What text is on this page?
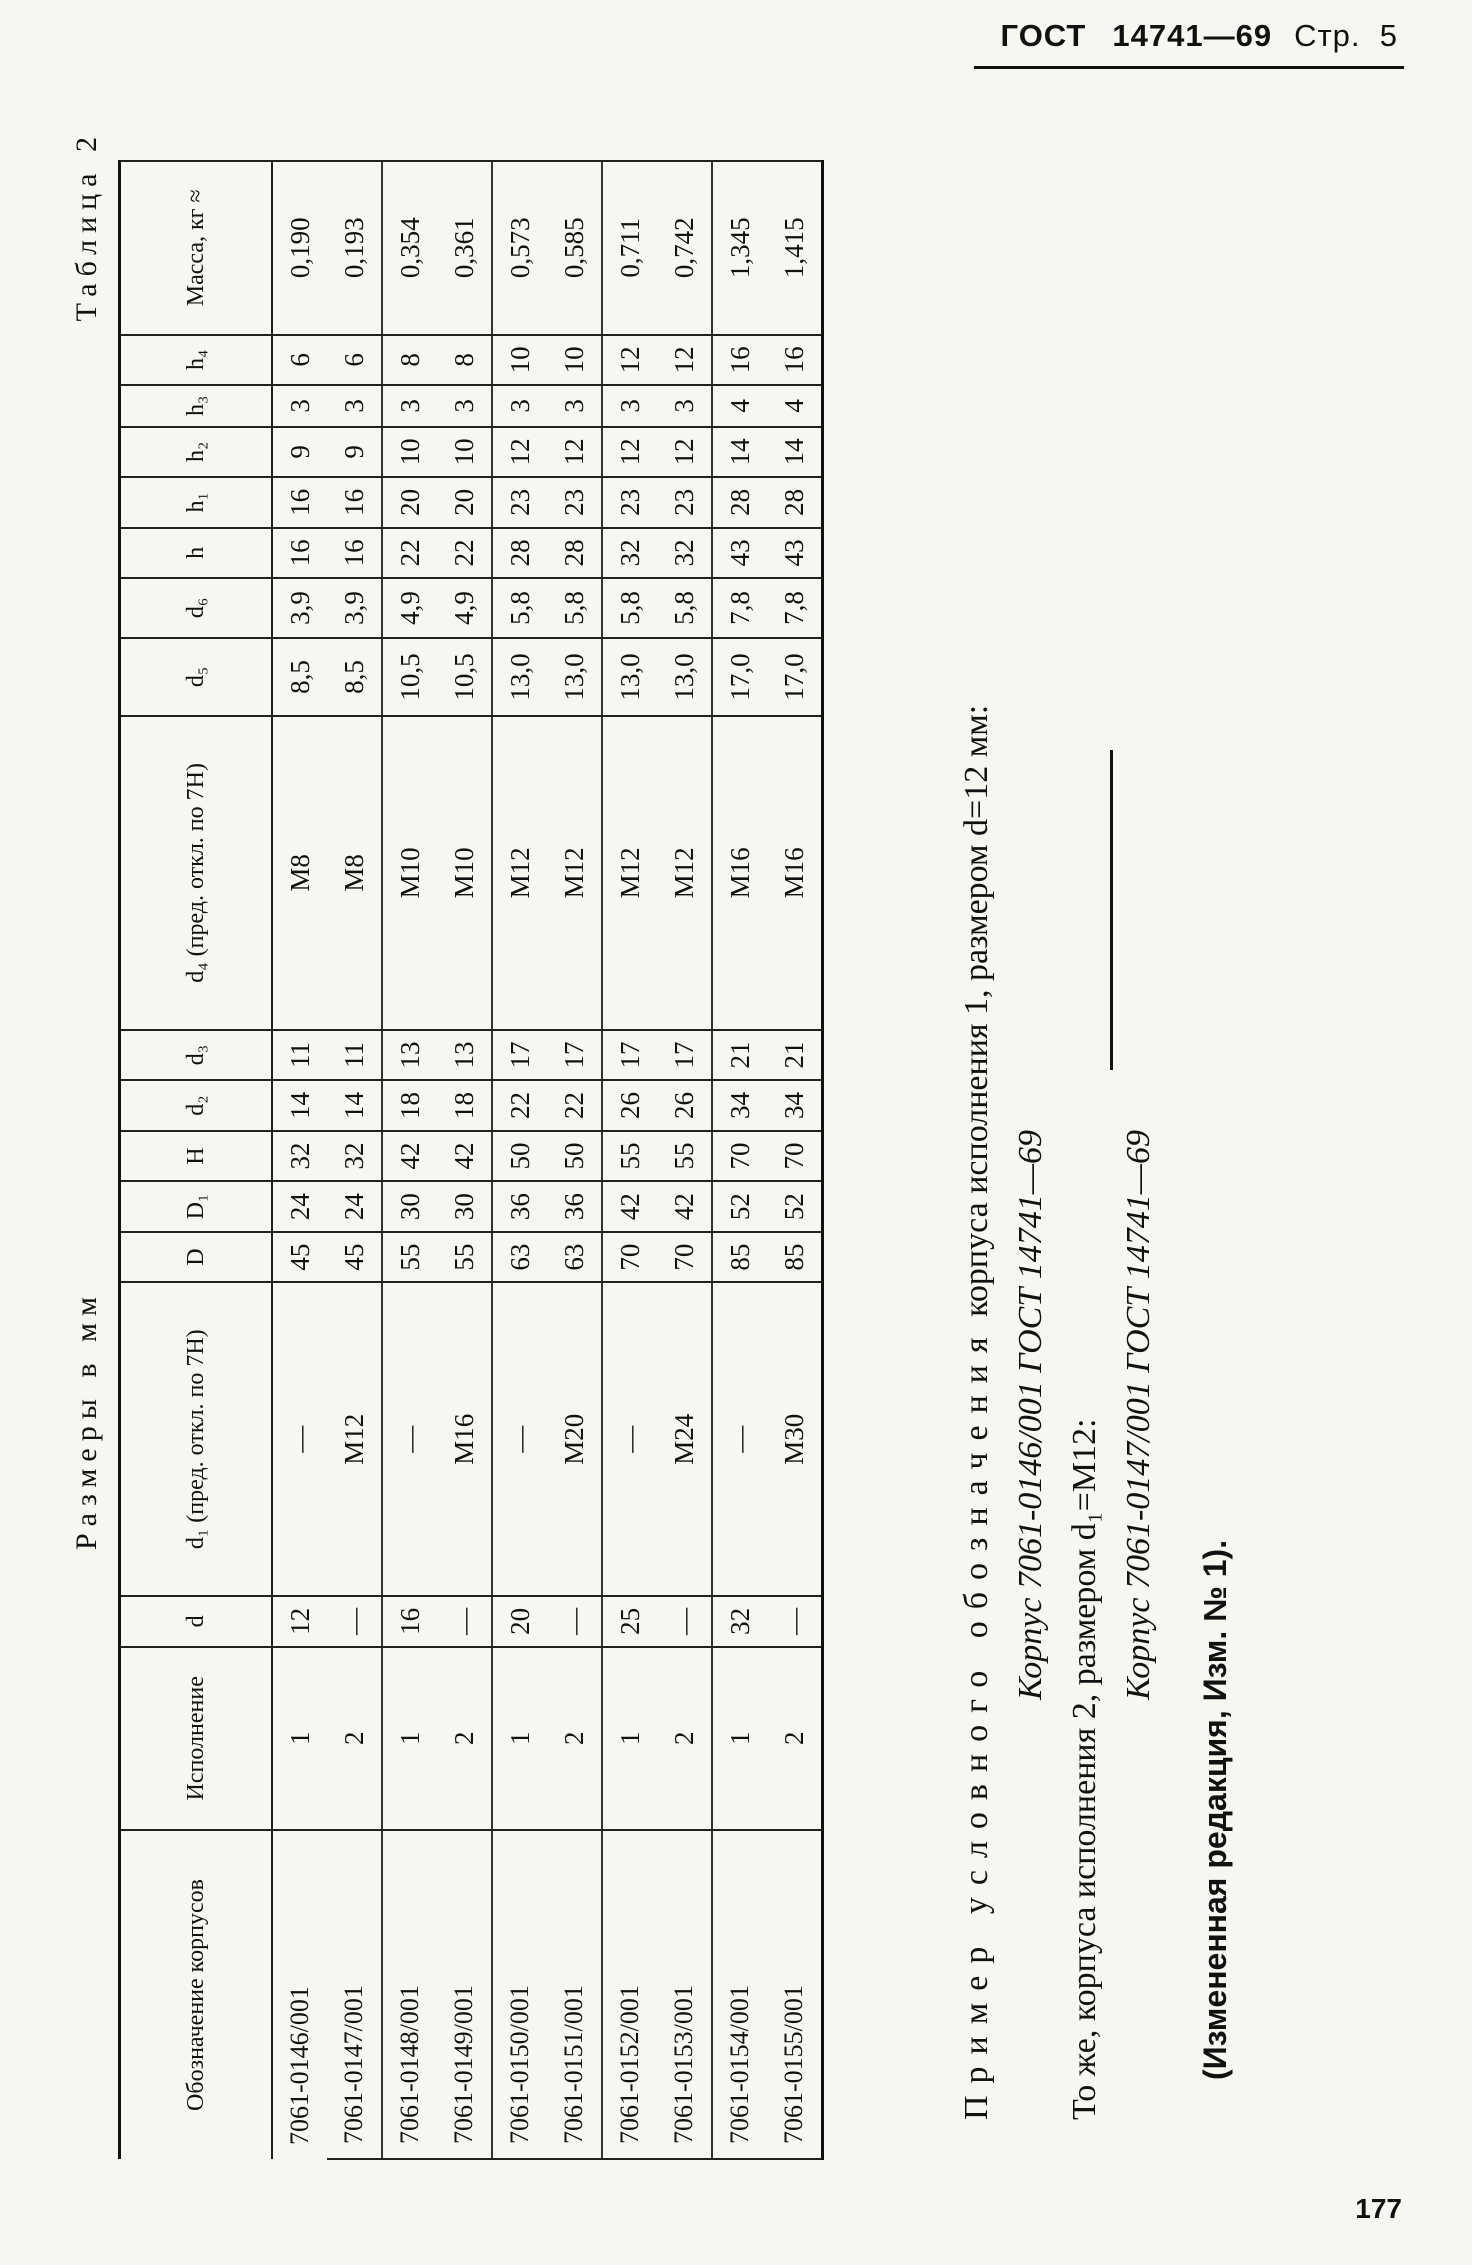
ГОСТ 14741—69 Стр. 5
Размеры в мм
Таблица 2
Обозначение корпусов	Исполнение	d	d₁ (пред. откл. по 7Н)	D	D₁	H	d₂	d₃	d₄ (пред. откл. по 7Н)	d₅	d₆	h	h₁	h₂	h₃	h₄	Масса, кг ≈
7061-0146/001	1	12	—	45	24	32	14	11	М8	8,5	3,9	16	16	9	3	6	0,190
7061-0147/001	2	—	М12	45	24	32	14	11	М8	8,5	3,9	16	16	9	3	6	0,193
7061-0148/001	1	16	—	55	30	42	18	13	М10	10,5	4,9	22	20	10	3	8	0,354
7061-0149/001	2	—	М16	55	30	42	18	13	М10	10,5	4,9	22	20	10	3	8	0,361
7061-0150/001	1	20	—	63	36	50	22	17	М12	13,0	5,8	28	23	12	3	10	0,573
7061-0151/001	2	—	М20	63	36	50	22	17	М12	13,0	5,8	28	23	12	3	10	0,585
7061-0152/001	1	25	—	70	42	55	26	17	М12	13,0	5,8	32	23	12	3	12	0,711
7061-0153/001	2	—	М24	70	42	55	26	17	М12	13,0	5,8	32	23	12	3	12	0,742
7061-0154/001	1	32	—	85	52	70	34	21	М16	17,0	7,8	43	28	14	4	16	1,345
7061-0155/001	2	—	М30	85	52	70	34	21	М16	17,0	7,8	43	28	14	4	16	1,415
Пример условного обозначения корпуса исполнения 1, размером d=12 мм:
Корпус 7061-0146/001 ГОСТ 14741—69
То же, корпуса исполнения 2, размером d₁=М12:
Корпус 7061-0147/001 ГОСТ 14741—69
(Измененная редакция, Изм. № 1).
177
